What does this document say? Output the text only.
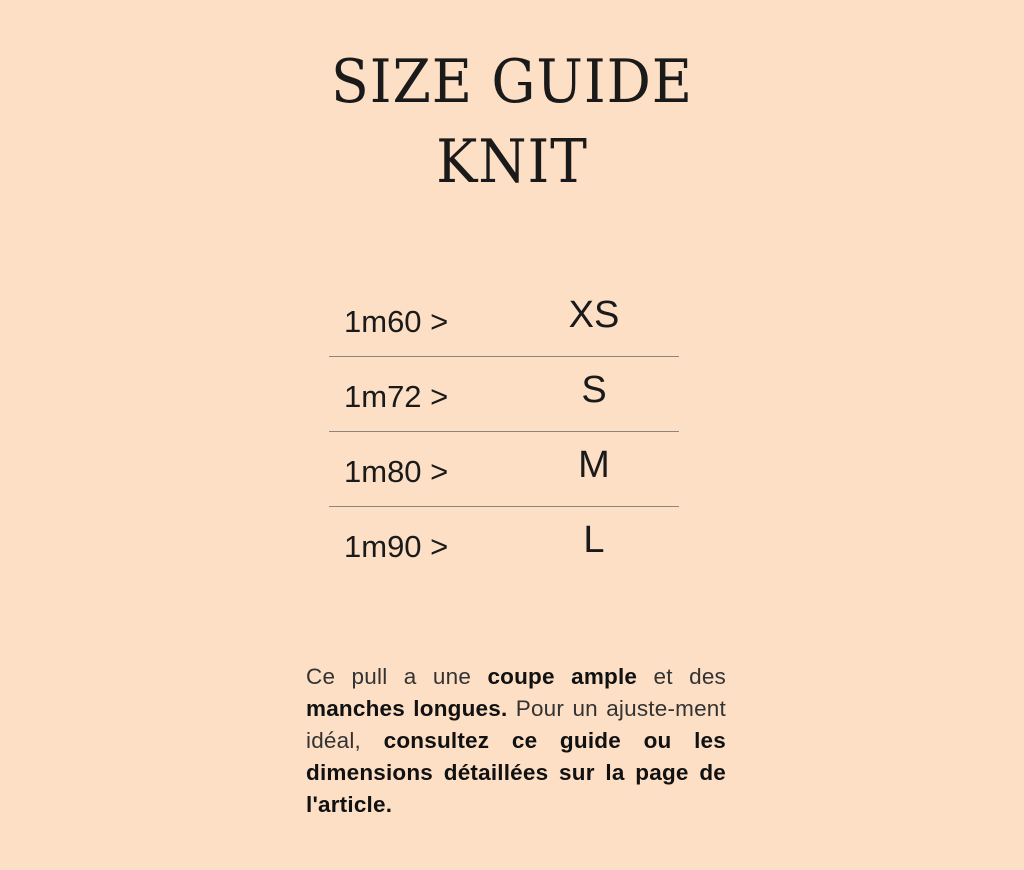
SIZE GUIDE
KNIT
1m60 >	XS
1m72 >	S
1m80 >	M
1m90 >	L
Ce pull a une coupe ample et des manches longues. Pour un ajuste-ment idéal, consultez ce guide ou les dimensions détaillées sur la page de l'article.
